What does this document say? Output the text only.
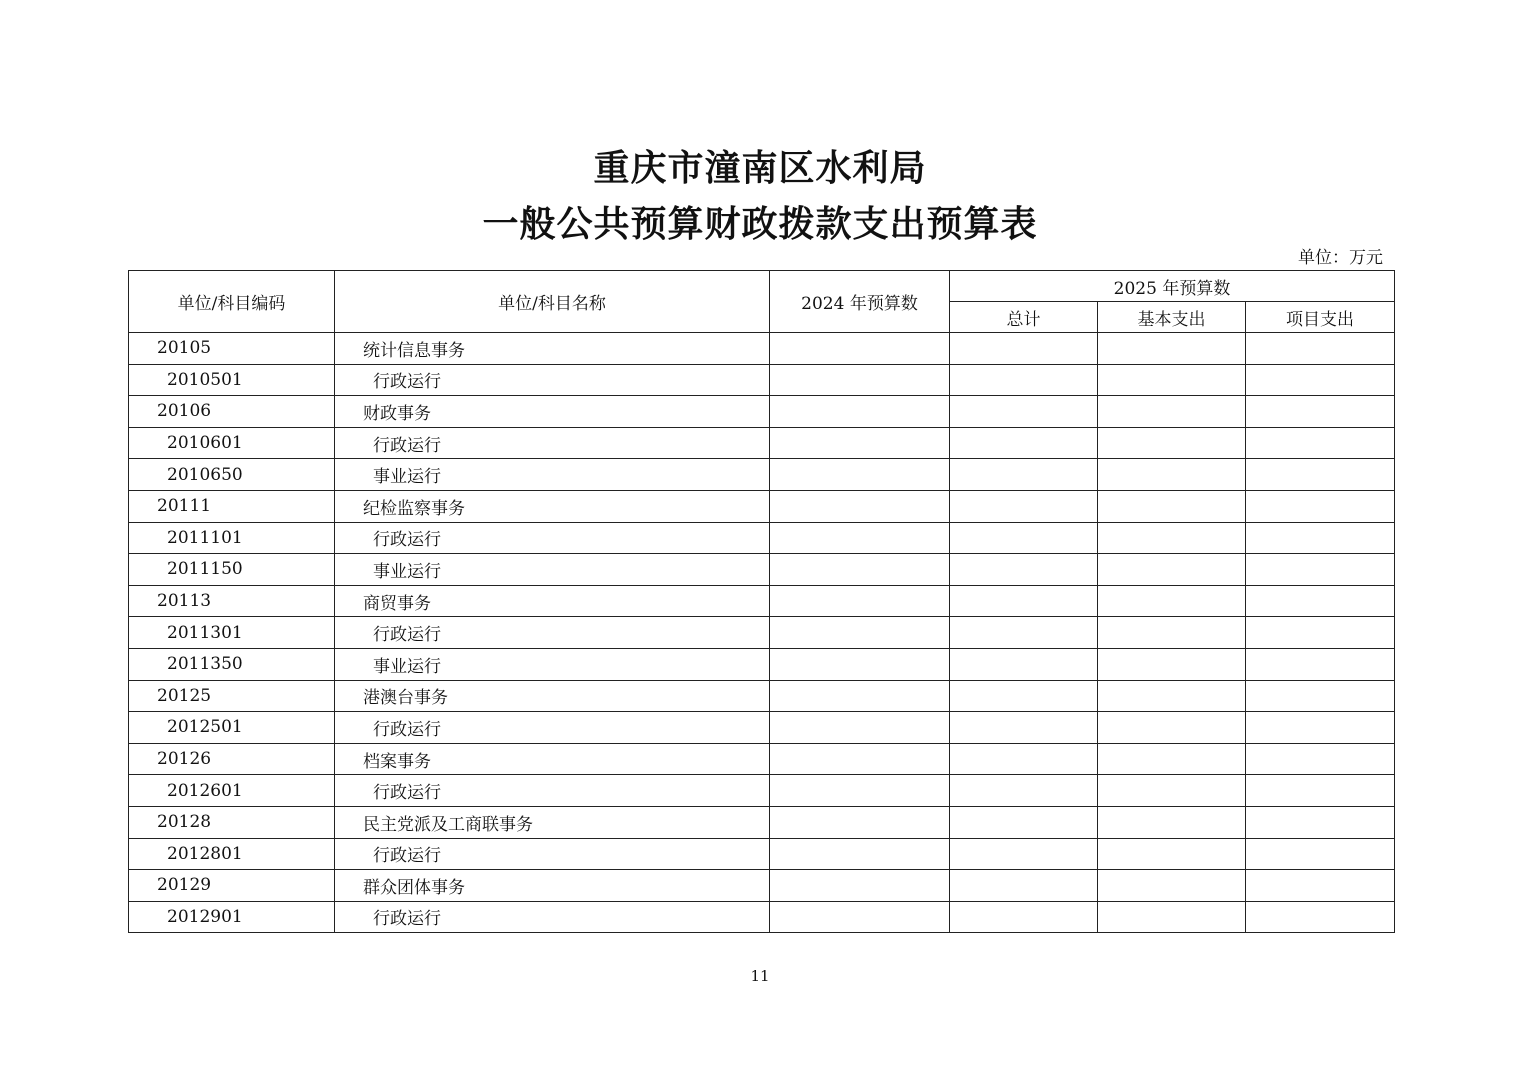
重庆市潼南区水利局
一般公共预算财政拨款支出预算表
单位：万元
单位/科目编码	单位/科目名称	2024 年预算数	2025 年预算数		
			总计	基本支出	项目支出
20105	统计信息事务				
2010501	行政运行				
20106	财政事务				
2010601	行政运行				
2010650	事业运行				
20111	纪检监察事务				
2011101	行政运行				
2011150	事业运行				
20113	商贸事务				
2011301	行政运行				
2011350	事业运行				
20125	港澳台事务				
2012501	行政运行				
20126	档案事务				
2012601	行政运行				
20128	民主党派及工商联事务				
2012801	行政运行				
20129	群众团体事务				
2012901	行政运行				
11
